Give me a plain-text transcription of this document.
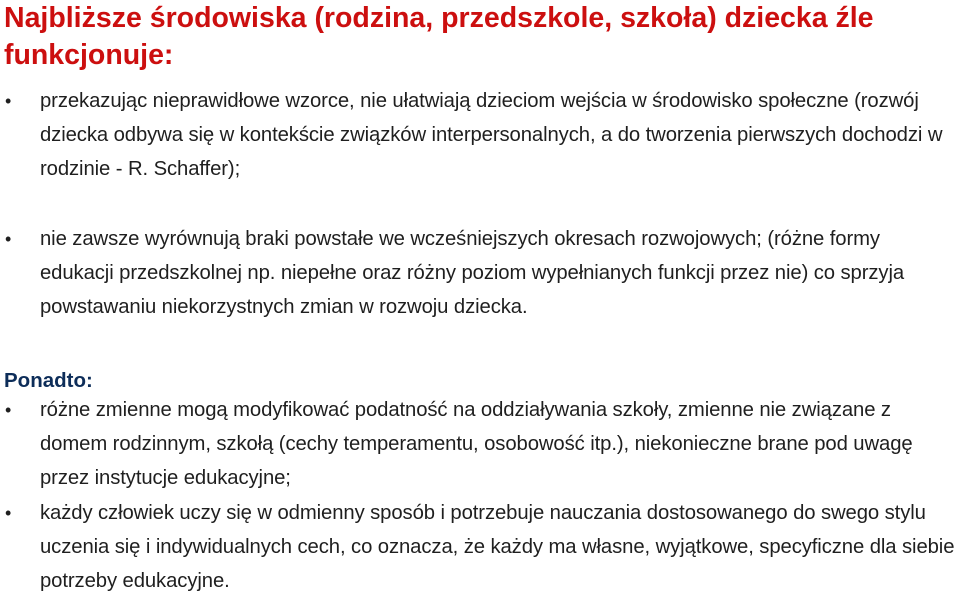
Najbliższe środowiska (rodzina, przedszkole, szkoła) dziecka źle funkcjonuje:
• przekazując nieprawidłowe wzorce, nie ułatwiają dzieciom wejścia w środowisko społeczne (rozwój dziecka odbywa się w kontekście związków interpersonalnych, a do tworzenia pierwszych dochodzi w rodzinie - R. Schaffer);

• nie zawsze wyrównują braki powstałe we wcześniejszych okresach rozwojowych; (różne formy edukacji przedszkolnej np. niepełne oraz różny poziom wypełnianych funkcji przez nie) co sprzyja powstawaniu niekorzystnych zmian w rozwoju dziecka.

Ponadto:

• różne zmienne mogą modyfikować podatność na oddziaływania szkoły, zmienne nie związane z domem rodzinnym, szkołą (cechy temperamentu, osobowość itp.), niekonieczne brane pod uwagę przez instytucje edukacyjne;

• każdy człowiek uczy się w odmienny sposób i potrzebuje nauczania dostosowanego do swego stylu uczenia się i indywidualnych cech, co oznacza, że każdy ma własne, wyjątkowe, specyficzne dla siebie potrzeby edukacyjne.
